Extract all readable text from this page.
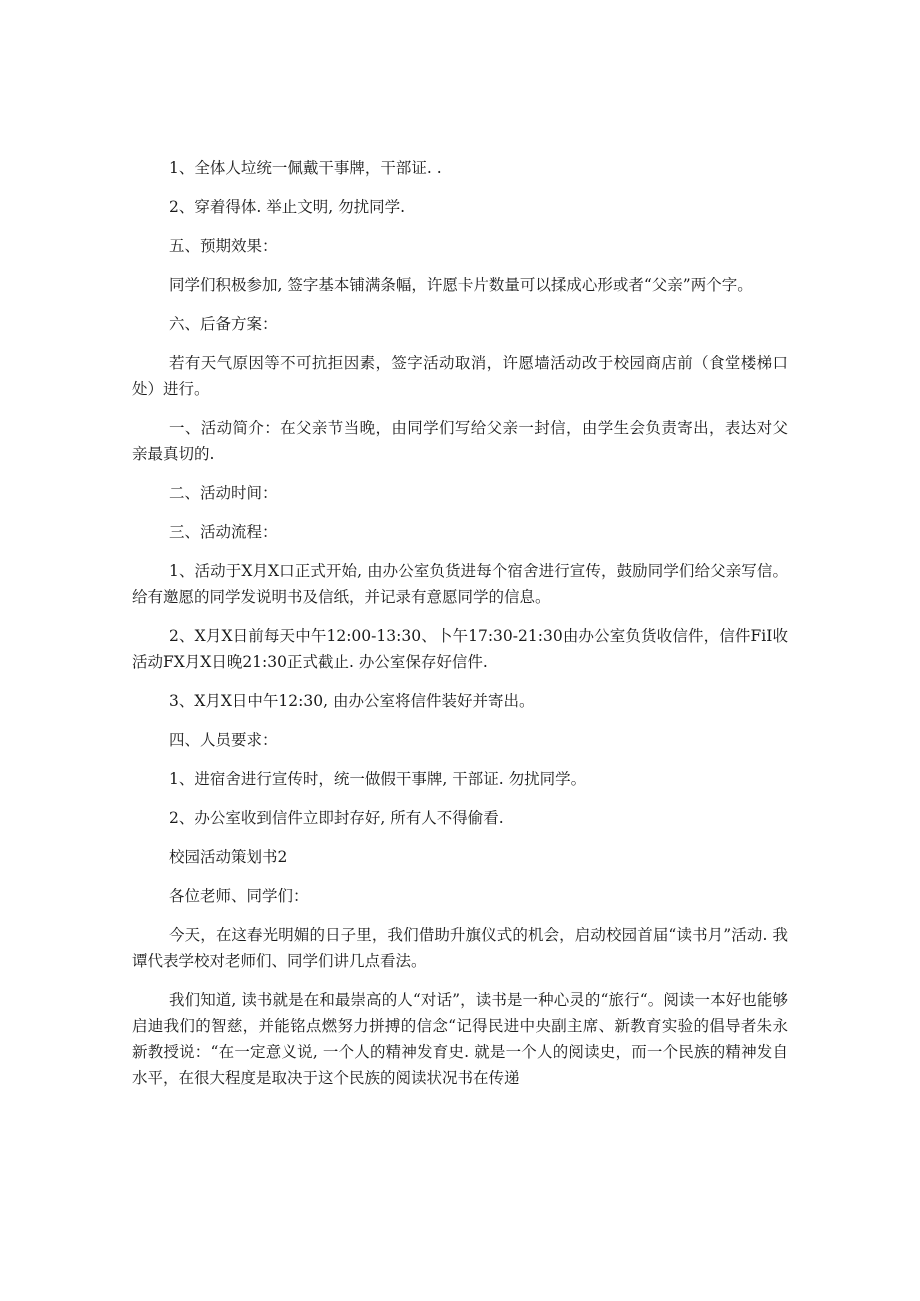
1、全体人垃统一佩戴干事牌，干部证. .

2、穿着得体. 举止文明, 勿扰同学.

五、预期效果：

同学们积极参加, 签字基本铺满条幅，许愿卡片数量可以揉成心形或者“父亲”两个字。

六、后备方案：

若有天气原因等不可抗拒因素，签字活动取消，许愿墙活动改于校园商店前（食堂楼梯口处）进行。

一、活动简介：在父亲节当晚，由同学们写给父亲一封信，由学生会负责寄出，表达对父亲最真切的.

二、活动时间：

三、活动流程：

1、活动于X月X口正式开始, 由办公室负货进每个宿舍进行宣传，鼓励同学们给父亲写信。给有邀愿的同学发说明书及信纸，并记录有意愿同学的信息。

2、X月X日前每天中午12:00-13:30、卜午17:30-21:30由办公室负货收信件，信件FiI收活动FX月X日晚21:30正式截止. 办公室保存好信件.

3、X月X日中午12:30, 由办公室将信件装好并寄出。

四、人员要求：

1、进宿舍进行宣传时，统一做假干事牌, 干部证. 勿扰同学。

2、办公室收到信件立即封存好, 所有人不得偷看.

校园活动策划书2

各位老师、同学们：

今天，在这春光明媚的日子里，我们借助升旗仪式的机会，启动校园首届“读书月”活动. 我谭代表学校对老师们、同学们讲几点看法。

我们知道, 读书就是在和最崇高的人“对话”，读书是一种心灵的“旅行“。阅读一本好也能够启迪我们的智慈，并能铭点燃努力拼搏的信念“记得民进中央副主席、新教育实验的倡导者朱永新教授说：“在一定意义说, 一个人的精神发育史. 就是一个人的阅读史，而一个民族的精神发自水平，在很大程度是取决于这个民族的阅读状况书在传递
